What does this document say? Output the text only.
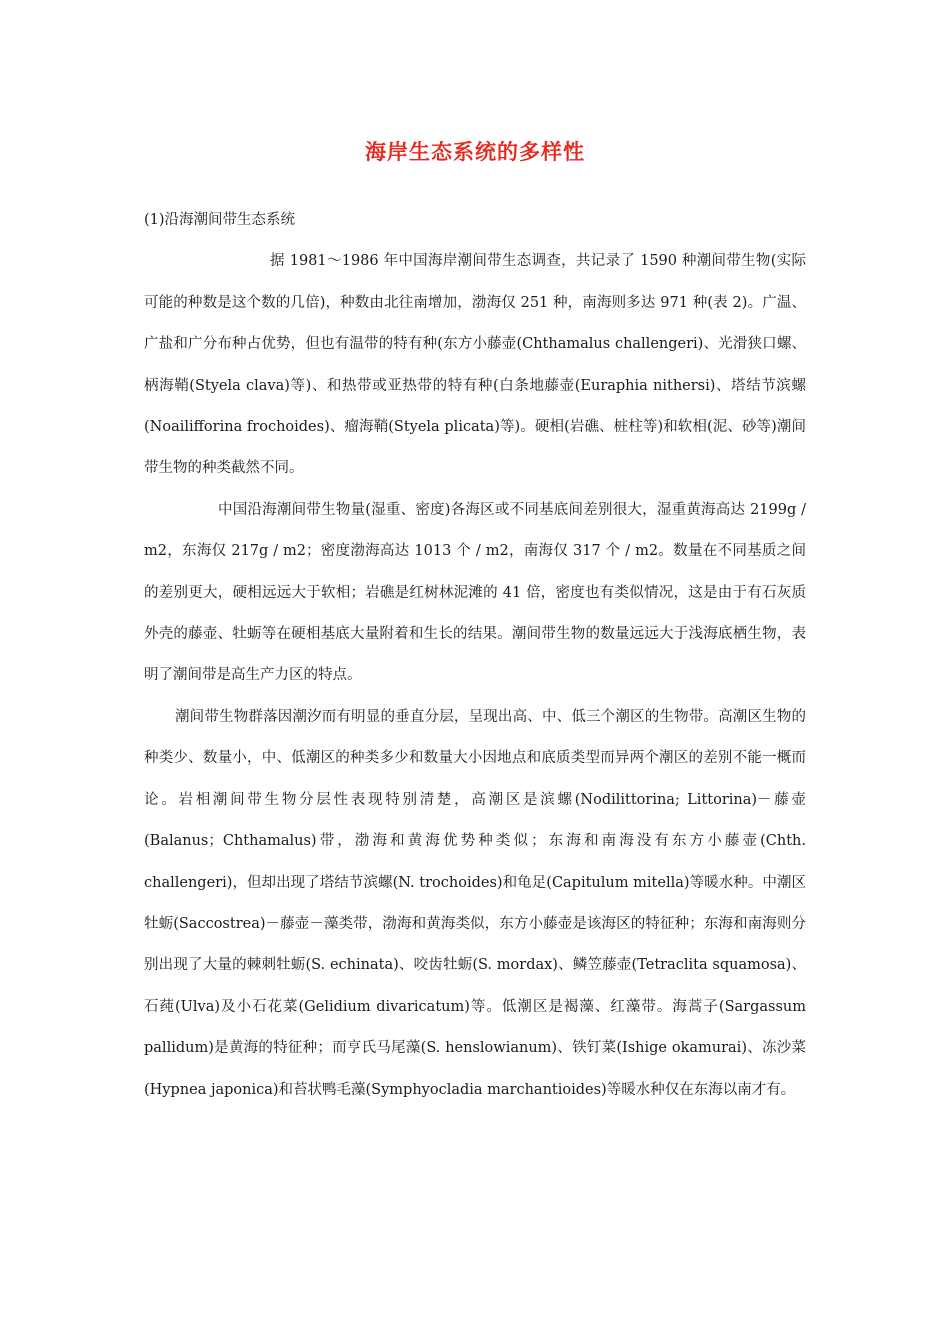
海岸生态系统的多样性

(1)沿海潮间带生态系统

据 1981～1986 年中国海岸潮间带生态调查，共记录了 1590 种潮间带生物(实际可能的种数是这个数的几倍)，种数由北往南增加，渤海仅 251 种，南海则多达 971 种(表 2)。广温、广盐和广分布种占优势，但也有温带的特有种(东方小藤壶(Chthamalus challengeri)、光滑狭口螺、柄海鞘(Styela clava)等)、和热带或亚热带的特有种(白条地藤壶(Euraphia nithersi)、塔结节滨螺(Noailifforina frochoides)、瘤海鞘(Styela plicata)等)。硬相(岩礁、桩柱等)和软相(泥、砂等)潮间带生物的种类截然不同。

中国沿海潮间带生物量(湿重、密度)各海区或不同基底间差别很大，湿重黄海高达 2199g / m2，东海仅 217g / m2；密度渤海高达 1013 个 / m2，南海仅 317 个 / m2。数量在不同基质之间的差别更大，硬相远远大于软相；岩礁是红树林泥滩的 41 倍，密度也有类似情况，这是由于有石灰质外壳的藤壶、牡蛎等在硬相基底大量附着和生长的结果。潮间带生物的数量远远大于浅海底栖生物，表明了潮间带是高生产力区的特点。

潮间带生物群落因潮汐而有明显的垂直分层，呈现出高、中、低三个潮区的生物带。高潮区生物的种类少、数量小，中、低潮区的种类多少和数量大小因地点和底质类型而异两个潮区的差别不能一概而论。岩相潮间带生物分层性表现特别清楚，高潮区是滨螺(Nodilittorina; Littorina)－藤壶(Balanus；Chthamalus)带，渤海和黄海优势种类似；东海和南海没有东方小藤壶(Chth. challengeri)，但却出现了塔结节滨螺(N. trochoides)和龟足(Capitulum mitella)等暖水种。中潮区牡蛎(Saccostrea)－藤壶－藻类带，渤海和黄海类似，东方小藤壶是该海区的特征种；东海和南海则分别出现了大量的棘刺牡蛎(S. echinata)、咬齿牡蛎(S. mordax)、鳞笠藤壶(Tetraclita squamosa)、石莼(Ulva)及小石花菜(Gelidium divaricatum)等。低潮区是褐藻、红藻带。海蒿子(Sargassum pallidum)是黄海的特征种；而亨氏马尾藻(S. henslowianum)、铁钉菜(Ishige okamurai)、冻沙菜(Hypnea japonica)和苔状鸭毛藻(Symphyocladia marchantioides)等暖水种仅在东海以南才有。
